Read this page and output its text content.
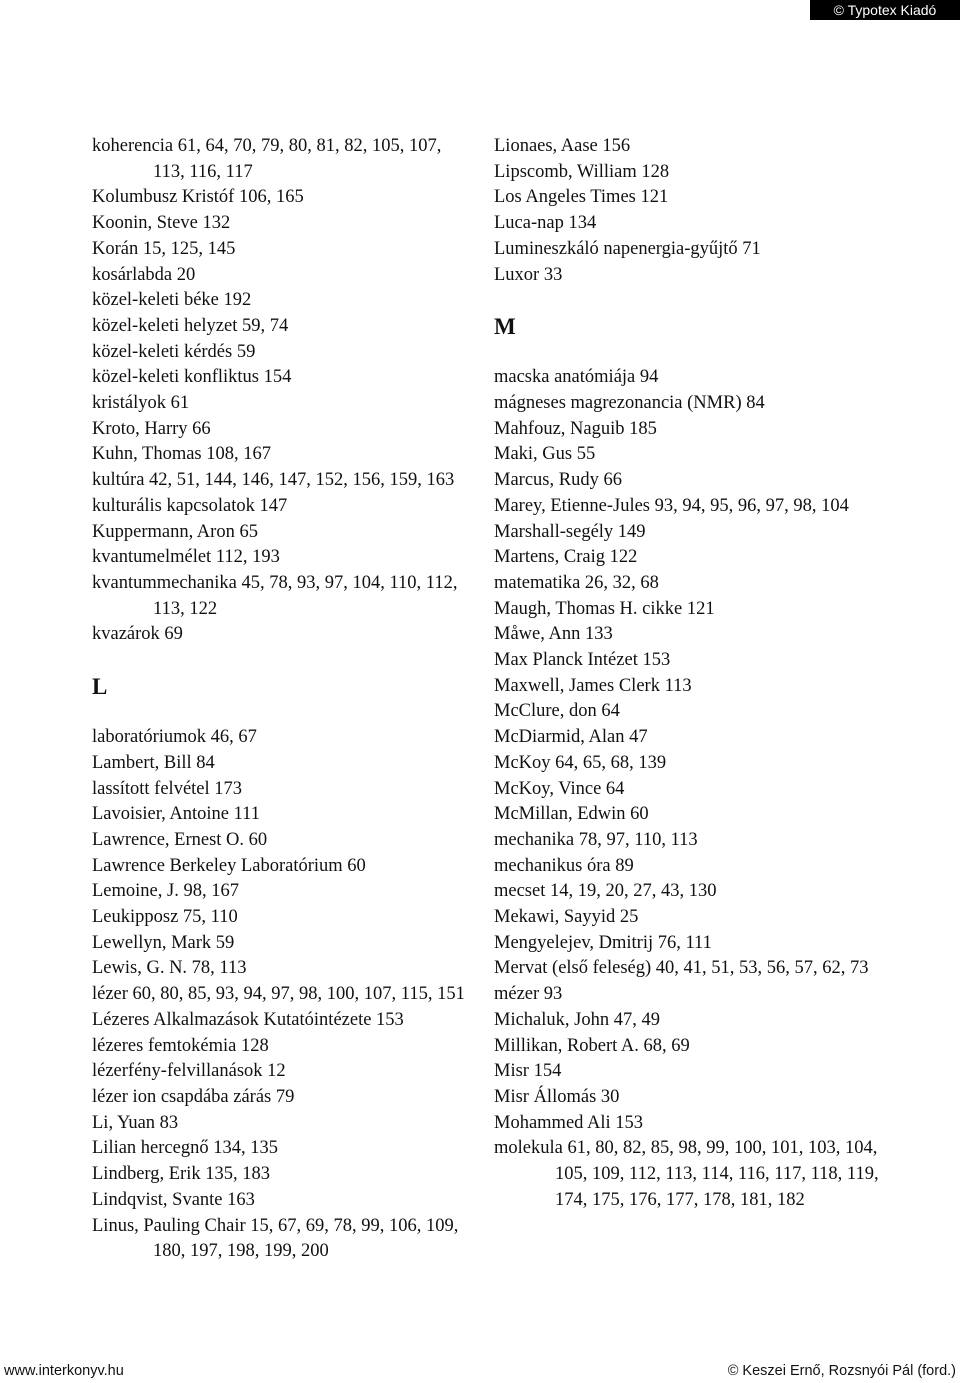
© Typotex Kiadó
koherencia 61, 64, 70, 79, 80, 81, 82, 105, 107, 113, 116, 117
Kolumbusz Kristóf 106, 165
Koonin, Steve 132
Korán 15, 125, 145
kosárlabda 20
közel-keleti béke 192
közel-keleti helyzet 59, 74
közel-keleti kérdés 59
közel-keleti konfliktus 154
kristályok 61
Kroto, Harry 66
Kuhn, Thomas 108, 167
kultúra 42, 51, 144, 146, 147, 152, 156, 159, 163
kulturális kapcsolatok 147
Kuppermann, Aron 65
kvantumelmélet 112, 193
kvantummechanika 45, 78, 93, 97, 104, 110, 112, 113, 122
kvazárok 69
L
laboratóriumok 46, 67
Lambert, Bill 84
lassított felvétel 173
Lavoisier, Antoine 111
Lawrence, Ernest O. 60
Lawrence Berkeley Laboratórium 60
Lemoine, J. 98, 167
Leukipposz 75, 110
Lewellyn, Mark 59
Lewis, G. N. 78, 113
lézer 60, 80, 85, 93, 94, 97, 98, 100, 107, 115, 151
Lézeres Alkalmazások Kutatóintézete 153
lézeres femtokémia 128
lézerfény-felvillanások 12
lézer ion csapdába zárás 79
Li, Yuan 83
Lilian hercegnő 134, 135
Lindberg, Erik 135, 183
Lindqvist, Svante 163
Linus, Pauling Chair 15, 67, 69, 78, 99, 106, 109, 180, 197, 198, 199, 200
Lionaes, Aase 156
Lipscomb, William 128
Los Angeles Times 121
Luca-nap 134
Lumineszkáló napenergia-gyűjtő 71
Luxor 33
M
macska anatómiája 94
mágneses magrezonancia (NMR) 84
Mahfouz, Naguib 185
Maki, Gus 55
Marcus, Rudy 66
Marey, Etienne-Jules 93, 94, 95, 96, 97, 98, 104
Marshall-segély 149
Martens, Craig 122
matematika 26, 32, 68
Maugh, Thomas H. cikke 121
Måwe, Ann 133
Max Planck Intézet 153
Maxwell, James Clerk 113
McClure, don 64
McDiarmid, Alan 47
McKoy 64, 65, 68, 139
McKoy, Vince 64
McMillan, Edwin 60
mechanika 78, 97, 110, 113
mechanikus óra 89
mecset 14, 19, 20, 27, 43, 130
Mekawi, Sayyid 25
Mengyelejev, Dmitrij 76, 111
Mervat (első feleség) 40, 41, 51, 53, 56, 57, 62, 73
mézer 93
Michaluk, John 47, 49
Millikan, Robert A. 68, 69
Misr 154
Misr Állomás 30
Mohammed Ali 153
molekula 61, 80, 82, 85, 98, 99, 100, 101, 103, 104, 105, 109, 112, 113, 114, 116, 117, 118, 119, 174, 175, 176, 177, 178, 181, 182
www.interkonyv.hu	© Keszei Ernő, Rozsnyói Pál (ford.)
